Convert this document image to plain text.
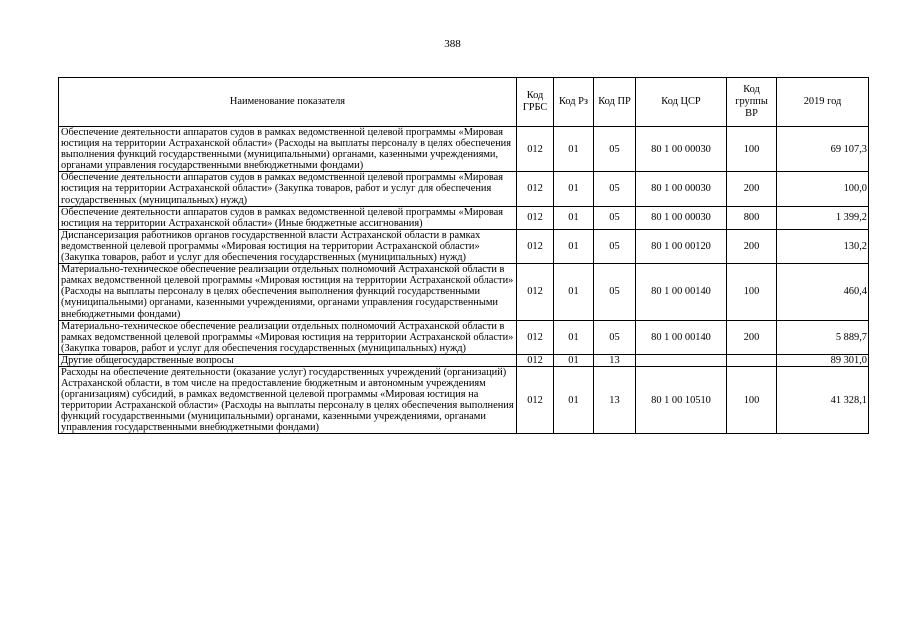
388
Наименование показателя	Код ГРБС	Код Рз	Код ПР	Код ЦСР	Код группы ВР	2019 год
Обеспечение деятельности аппаратов судов в рамках ведомственной целевой программы «Мировая юстиция на территории Астраханской области» (Расходы на выплаты персоналу в целях обеспечения выполнения функций государственными (муниципальными) органами, казенными учреждениями, органами управления государственными внебюджетными фондами)	012	01	05	80 1 00 00030	100	69 107,3
Обеспечение деятельности аппаратов судов в рамках ведомственной целевой программы «Мировая юстиция на территории Астраханской области» (Закупка товаров, работ и услуг для обеспечения государственных (муниципальных) нужд)	012	01	05	80 1 00 00030	200	100,0
Обеспечение деятельности аппаратов судов в рамках ведомственной целевой программы «Мировая юстиция на территории Астраханской области» (Иные бюджетные ассигнования)	012	01	05	80 1 00 00030	800	1 399,2
Диспансеризация работников органов государственной власти Астраханской области в рамках ведомственной целевой программы «Мировая юстиция на территории Астраханской области» (Закупка товаров, работ и услуг для обеспечения государственных (муниципальных) нужд)	012	01	05	80 1 00 00120	200	130,2
Материально-техническое обеспечение реализации отдельных полномочий Астраханской области в рамках ведомственной целевой программы «Мировая юстиция на территории Астраханской области» (Расходы на выплаты персоналу в целях обеспечения выполнения функций государственными (муниципальными) органами, казенными учреждениями, органами управления государственными внебюджетными фондами)	012	01	05	80 1 00 00140	100	460,4
Материально-техническое обеспечение реализации отдельных полномочий Астраханской области в рамках ведомственной целевой программы «Мировая юстиция на территории Астраханской области» (Закупка товаров, работ и услуг для обеспечения государственных (муниципальных) нужд)	012	01	05	80 1 00 00140	200	5 889,7
Другие общегосударственные вопросы	012	01	13			89 301,0
Расходы на обеспечение деятельности (оказание услуг) государственных учреждений (организаций) Астраханской области, в том числе на предоставление бюджетным и автономным учреждениям (организациям) субсидий, в рамках ведомственной целевой программы «Мировая юстиция на территории Астраханской области» (Расходы на выплаты персоналу в целях обеспечения выполнения функций государственными (муниципальными) органами, казенными учреждениями, органами управления государственными внебюджетными фондами)	012	01	13	80 1 00 10510	100	41 328,1
